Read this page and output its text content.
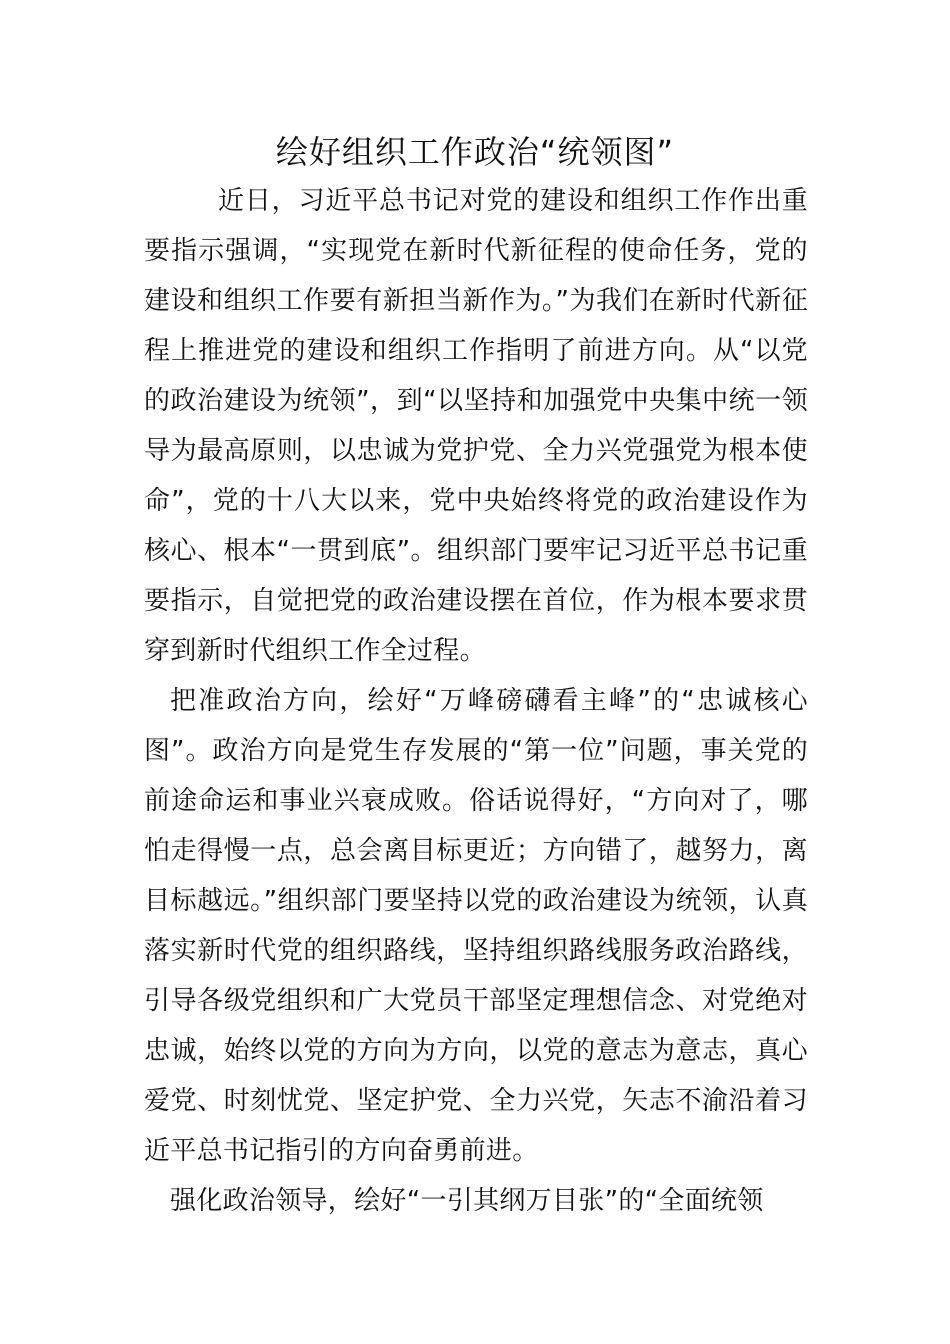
绘好组织工作政治“统领图”

近日，习近平总书记对党的建设和组织工作作出重要指示强调，“实现党在新时代新征程的使命任务，党的建设和组织工作要有新担当新作为。”为我们在新时代新征程上推进党的建设和组织工作指明了前进方向。从“以党的政治建设为统领”，到“以坚持和加强党中央集中统一领导为最高原则，以忠诚为党护党、全力兴党强党为根本使命”，党的十八大以来，党中央始终将党的政治建设作为核心、根本“一贯到底”。组织部门要牢记习近平总书记重要指示，自觉把党的政治建设摆在首位，作为根本要求贯穿到新时代组织工作全过程。

把准政治方向，绘好“万峰磅礴看主峰”的“忠诚核心图”。政治方向是党生存发展的“第一位”问题，事关党的前途命运和事业兴衰成败。俗话说得好，“方向对了，哪怕走得慢一点，总会离目标更近；方向错了，越努力，离目标越远。”组织部门要坚持以党的政治建设为统领，认真落实新时代党的组织路线，坚持组织路线服务政治路线，引导各级党组织和广大党员干部坚定理想信念、对党绝对忠诚，始终以党的方向为方向，以党的意志为意志，真心爱党、时刻忧党、坚定护党、全力兴党，矢志不渝沿着习近平总书记指引的方向奋勇前进。

强化政治领导，绘好“一引其纲万目张”的“全面统领
